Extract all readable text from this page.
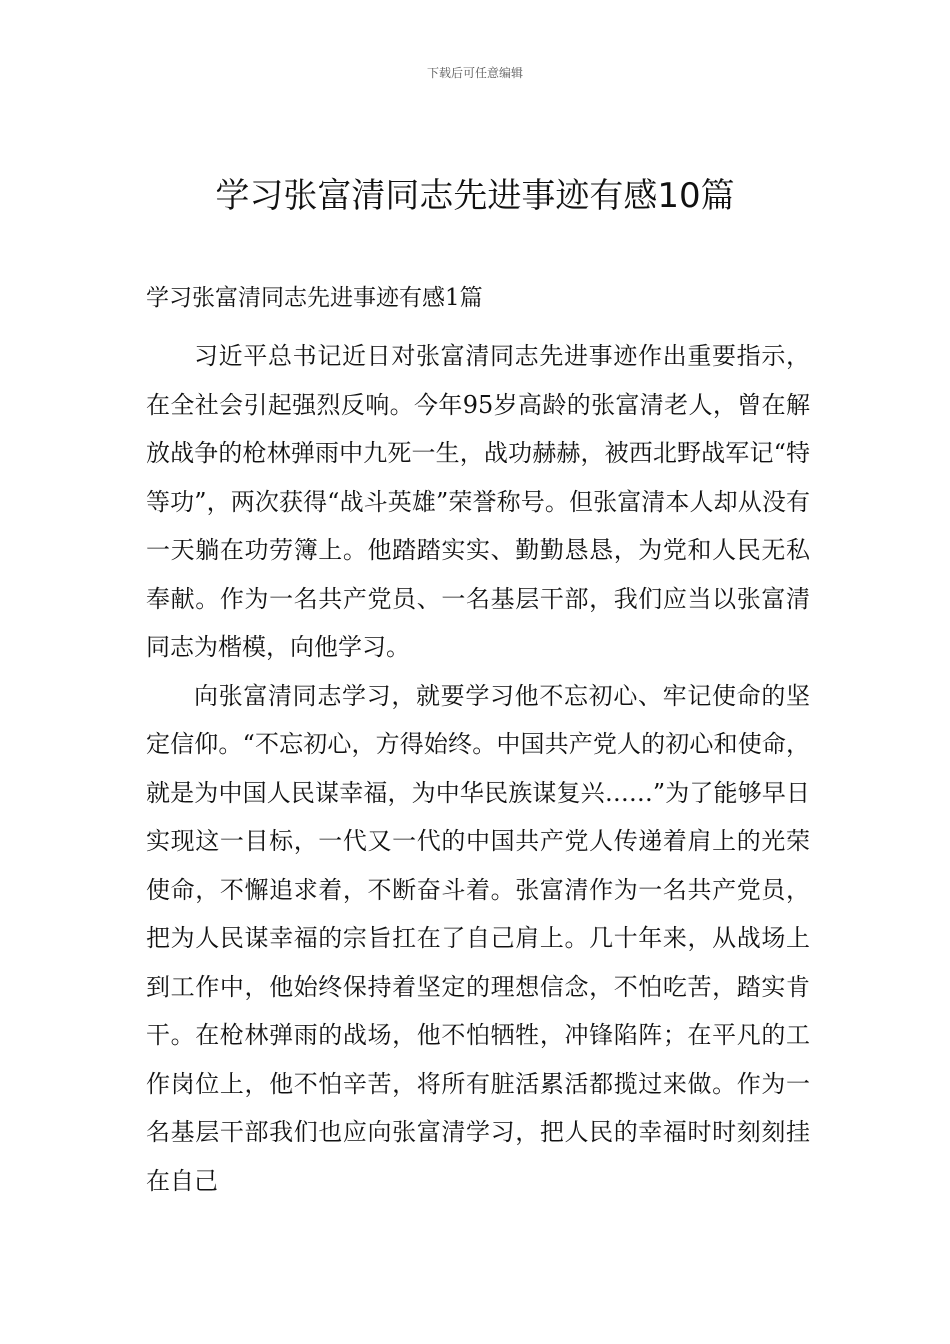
下载后可任意编辑
学习张富清同志先进事迹有感10篇
学习张富清同志先进事迹有感1篇

习近平总书记近日对张富清同志先进事迹作出重要指示，在全社会引起强烈反响。今年95岁高龄的张富清老人，曾在解放战争的枪林弹雨中九死一生，战功赫赫，被西北野战军记“特等功”，两次获得“战斗英雄”荣誉称号。但张富清本人却从没有一天躺在功劳簿上。他踏踏实实、勤勤恳恳，为党和人民无私奉献。作为一名共产党员、一名基层干部，我们应当以张富清同志为楷模，向他学习。

向张富清同志学习，就要学习他不忘初心、牢记使命的坚定信仰。“不忘初心，方得始终。中国共产党人的初心和使命，就是为中国人民谋幸福，为中华民族谋复兴……”为了能够早日实现这一目标，一代又一代的中国共产党人传递着肩上的光荣使命，不懈追求着，不断奋斗着。张富清作为一名共产党员，把为人民谋幸福的宗旨扛在了自己肩上。几十年来，从战场上到工作中，他始终保持着坚定的理想信念，不怕吃苦，踏实肯干。在枪林弹雨的战场，他不怕牺牲，冲锋陷阵；在平凡的工作岗位上，他不怕辛苦，将所有脏活累活都揽过来做。作为一名基层干部我们也应向张富清学习，把人民的幸福时时刻刻挂在自己
